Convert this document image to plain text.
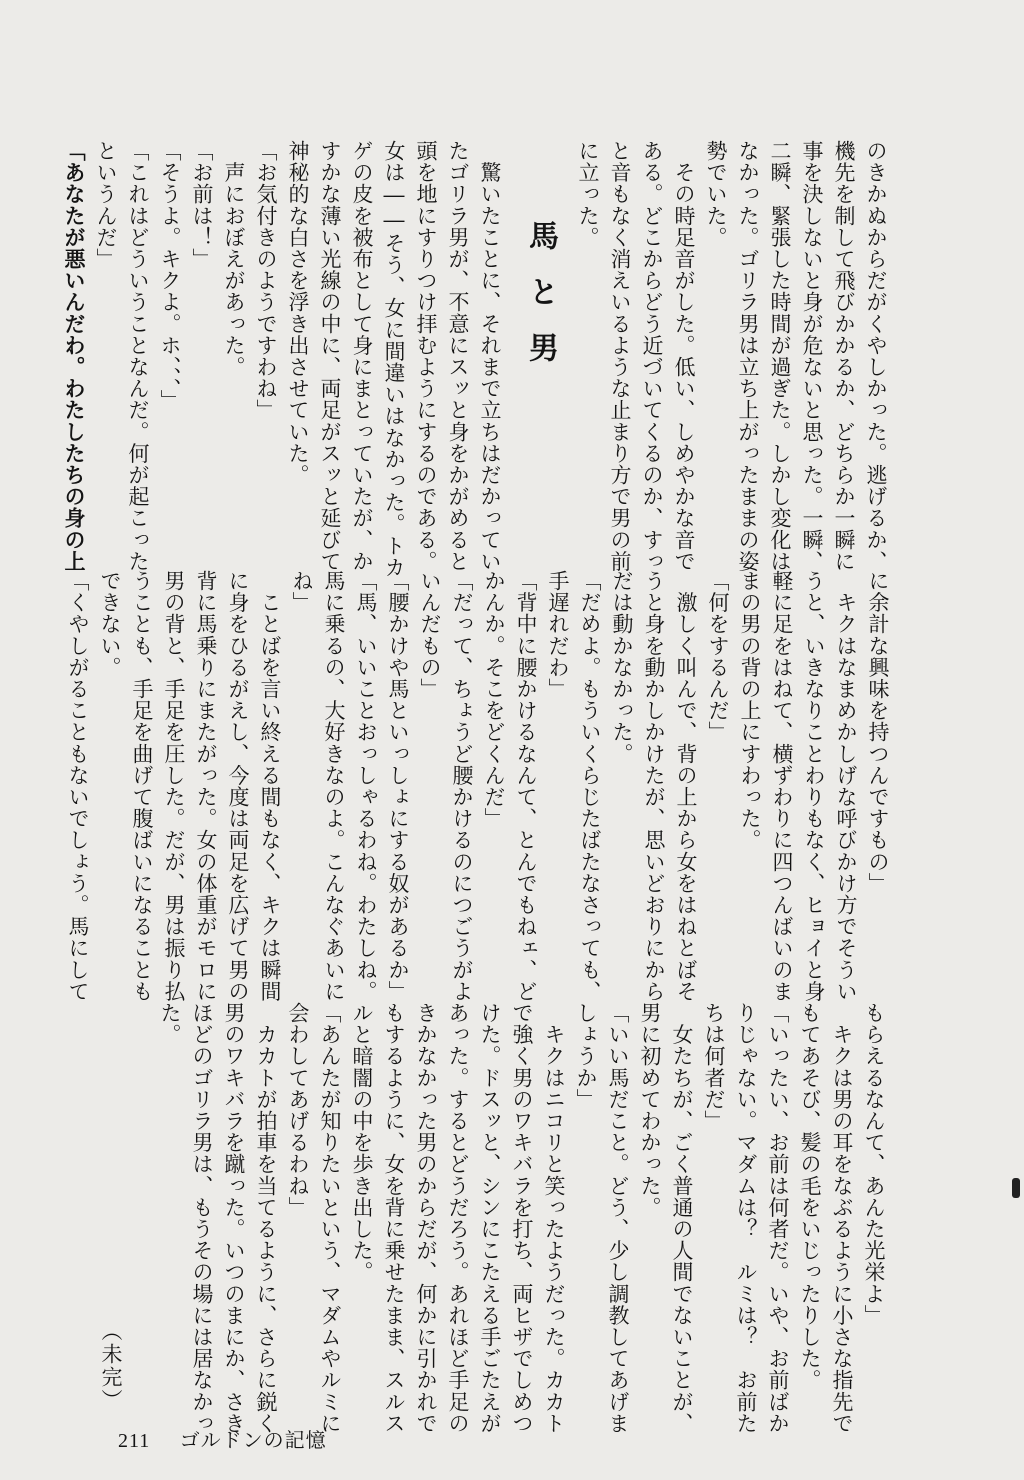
のきかぬからだがくやしかった。逃げるか、
機先を制して飛びかかるか、どちらか一瞬に
事を決しないと身が危ないと思った。一瞬、
二瞬、緊張した時間が過ぎた。しかし変化は
なかった。ゴリラ男は立ち上がったままの姿
勢でいた。
　その時足音がした。低い、しめやかな音で
ある。どこからどう近づいてくるのか、すっ
と音もなく消えいるような止まり方で男の前
に立った。
馬と男
　驚いたことに、それまで立ちはだかってい
たゴリラ男が、不意にスッと身をかがめると
頭を地にすりつけ拝むようにするのである。
女は――そう、女に間違いはなかった。トカ
ゲの皮を被布として身にまとっていたが、か
すかな薄い光線の中に、両足がスッと延びて
神秘的な白さを浮き出させていた。
「お気付きのようですわね」
　声におぼえがあった。
「お前は！」
「そうよ。キクよ。ホ、、、」
「これはどういうことなんだ。何が起こった
というんだ」
「あなたが悪いんだわ。わたしたちの身の上
に余計な興味を持つんですもの」
　キクはなまめかしげな呼びかけ方でそうい
うと、いきなりことわりもなく、ヒョイと身
軽に足をはねて、横ずわりに四つんばいのま
まの男の背の上にすわった。
「何をするんだ」
　激しく叫んで、背の上から女をはねとばそ
うと身を動かしかけたが、思いどおりにから
だは動かなかった。
「だめよ。もういくらじたばたなさっても、
手遅れだわ」
「背中に腰かけるなんて、とんでもねェ、ど
かんか。そこをどくんだ」
「だって、ちょうど腰かけるのにつごうがよ
いんだもの」
「腰かけや馬といっしょにする奴があるか」
「馬、いいことおっしゃるわね。わたしね。
馬に乗るの、大好きなのよ。こんなぐあいに
ね」
　ことばを言い終える間もなく、キクは瞬間
に身をひるがえし、今度は両足を広げて男の
背に馬乗りにまたがった。女の体重がモロに
男の背と、手足を圧した。だが、男は振り払
うことも、手足を曲げて腹ばいになることも
できない。
「くやしがることもないでしょう。馬にして
もらえるなんて、あんた光栄よ」
　キクは男の耳をなぶるように小さな指先で
もてあそび、髪の毛をいじったりした。
「いったい、お前は何者だ。いや、お前ばか
りじゃない。マダムは？　ルミは？　お前た
ちは何者だ」
　女たちが、ごく普通の人間でないことが、
男に初めてわかった。
「いい馬だこと。どう、少し調教してあげま
しょうか」
　キクはニコリと笑ったようだった。カカト
で強く男のワキバラを打ち、両ヒザでしめつ
けた。ドスッと、シンにこたえる手ごたえが
あった。するとどうだろう。あれほど手足の
きかなかった男のからだが、何かに引かれで
もするように、女を背に乗せたまま、スルス
ルと暗闇の中を歩き出した。
「あんたが知りたいという、マダムやルミに
会わしてあげるわね」
　カカトが拍車を当てるように、さらに鋭く
男のワキバラを蹴った。いつのまにか、さき
ほどのゴリラ男は、もうその場には居なかっ
た。
（未完）
211 ゴルドンの記憶
